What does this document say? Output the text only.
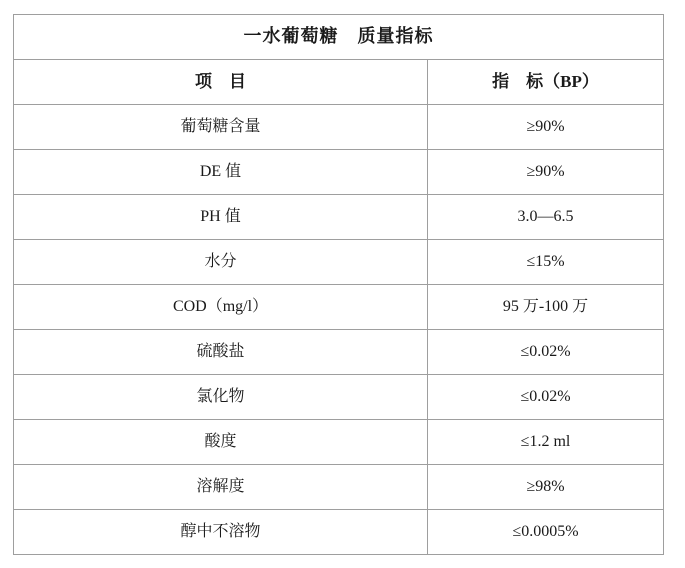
一水葡萄糖　质量指标	
项　目	指　标（BP）
葡萄糖含量	≥90%
DE 值	≥90%
PH 值	3.0—6.5
水分	≤15%
COD（mg/l）	95 万-100 万
硫酸盐	≤0.02%
氯化物	≤0.02%
酸度	≤1.2 ml
溶解度	≥98%
醇中不溶物	≤0.0005%
